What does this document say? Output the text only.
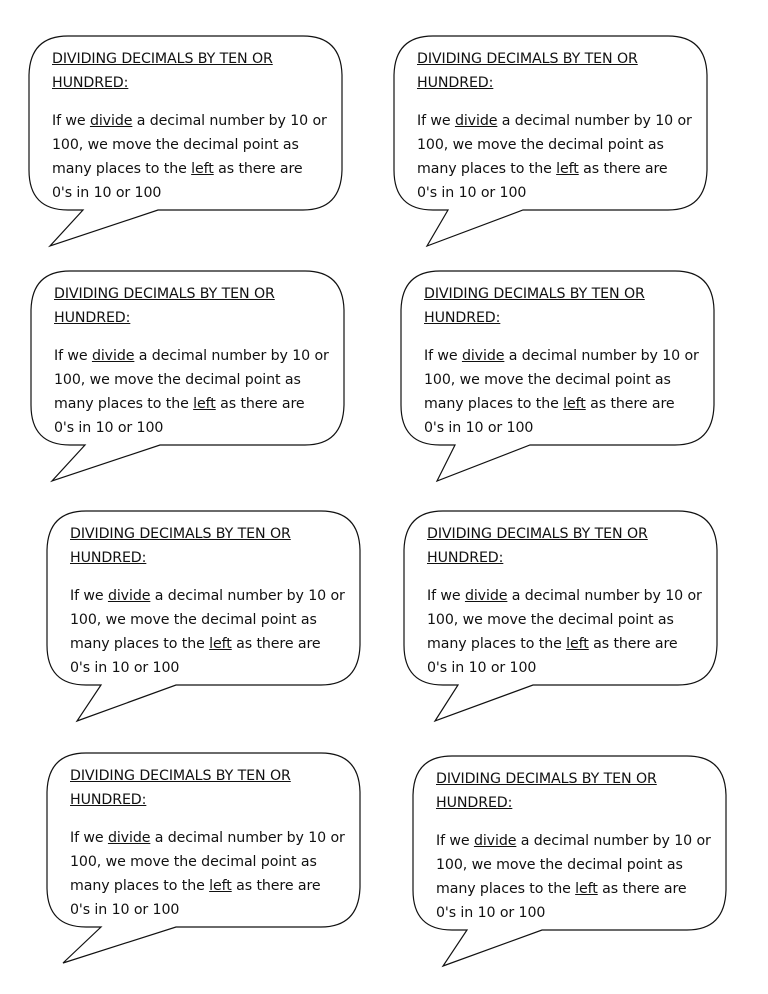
DIVIDING DECIMALS BY TEN OR
HUNDRED:
If we divide a decimal number by 10 or
100, we move the decimal point as
many places to the left as there are
0's in 10 or 100
DIVIDING DECIMALS BY TEN OR
HUNDRED:
If we divide a decimal number by 10 or
100, we move the decimal point as
many places to the left as there are
0's in 10 or 100
DIVIDING DECIMALS BY TEN OR
HUNDRED:
If we divide a decimal number by 10 or
100, we move the decimal point as
many places to the left as there are
0's in 10 or 100
DIVIDING DECIMALS BY TEN OR
HUNDRED:
If we divide a decimal number by 10 or
100, we move the decimal point as
many places to the left as there are
0's in 10 or 100
DIVIDING DECIMALS BY TEN OR
HUNDRED:
If we divide a decimal number by 10 or
100, we move the decimal point as
many places to the left as there are
0's in 10 or 100
DIVIDING DECIMALS BY TEN OR
HUNDRED:
If we divide a decimal number by 10 or
100, we move the decimal point as
many places to the left as there are
0's in 10 or 100
DIVIDING DECIMALS BY TEN OR
HUNDRED:
If we divide a decimal number by 10 or
100, we move the decimal point as
many places to the left as there are
0's in 10 or 100
DIVIDING DECIMALS BY TEN OR
HUNDRED:
If we divide a decimal number by 10 or
100, we move the decimal point as
many places to the left as there are
0's in 10 or 100
